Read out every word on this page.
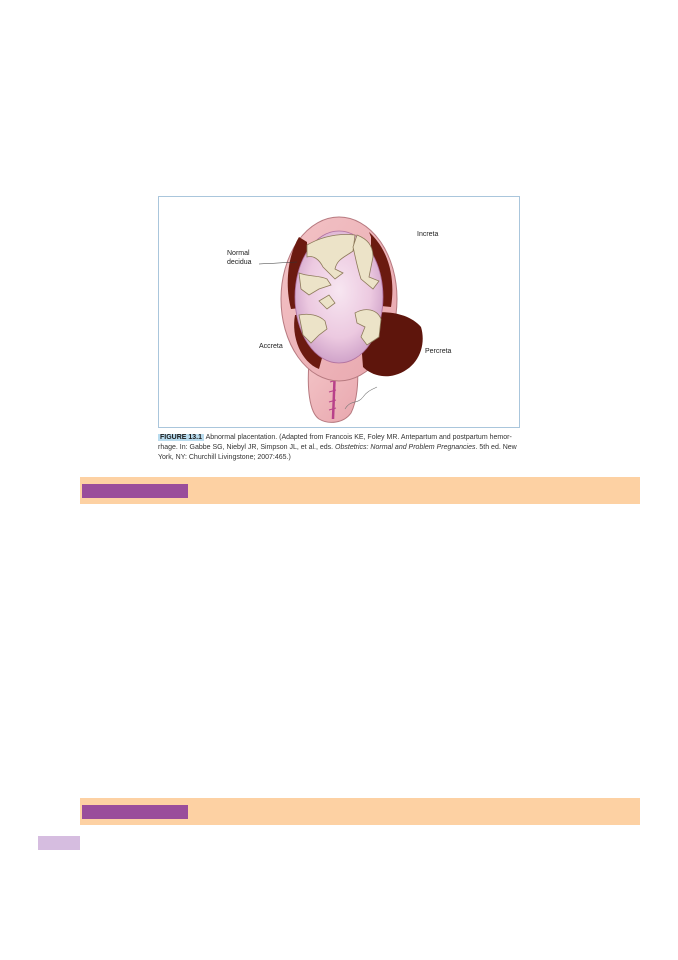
Increta
Normal
decidua
Accreta
Percreta
FIGURE 13.1 Abnormal placentation. (Adapted from Francois KE, Foley MR. Antepartum and postpartum hemor-rhage. In: Gabbe SG, Niebyl JR, Simpson JL, et al., eds. Obstetrics: Normal and Problem Pregnancies. 5th ed. New York, NY: Churchill Livingstone; 2007:465.)
